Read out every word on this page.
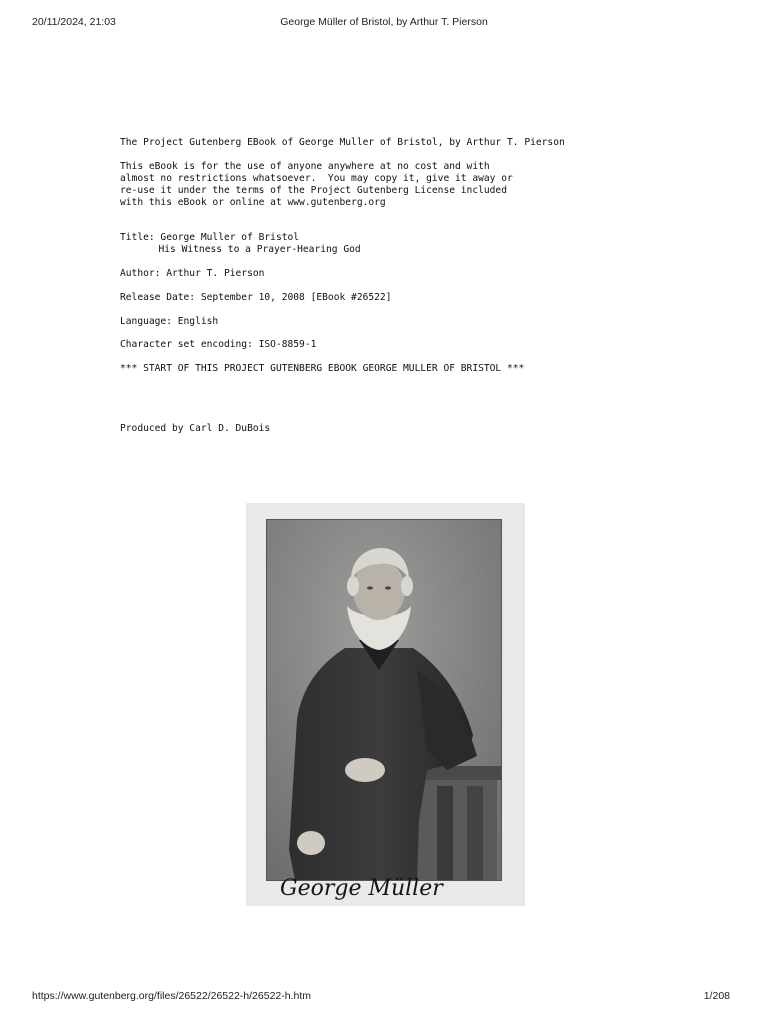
20/11/2024, 21:03	George Müller of Bristol, by Arthur T. Pierson
The Project Gutenberg EBook of George Muller of Bristol, by Arthur T. Pierson
This eBook is for the use of anyone anywhere at no cost and with
almost no restrictions whatsoever.  You may copy it, give it away or
re-use it under the terms of the Project Gutenberg License included
with this eBook or online at www.gutenberg.org
Title: George Muller of Bristol
His Witness to a Prayer-Hearing God
Author: Arthur T. Pierson
Release Date: September 10, 2008 [EBook #26522]
Language: English
Character set encoding: ISO-8859-1
*** START OF THIS PROJECT GUTENBERG EBOOK GEORGE MULLER OF BRISTOL ***
Produced by Carl D. DuBois
George Müller
https://www.gutenberg.org/files/26522/26522-h/26522-h.htm	1/208
